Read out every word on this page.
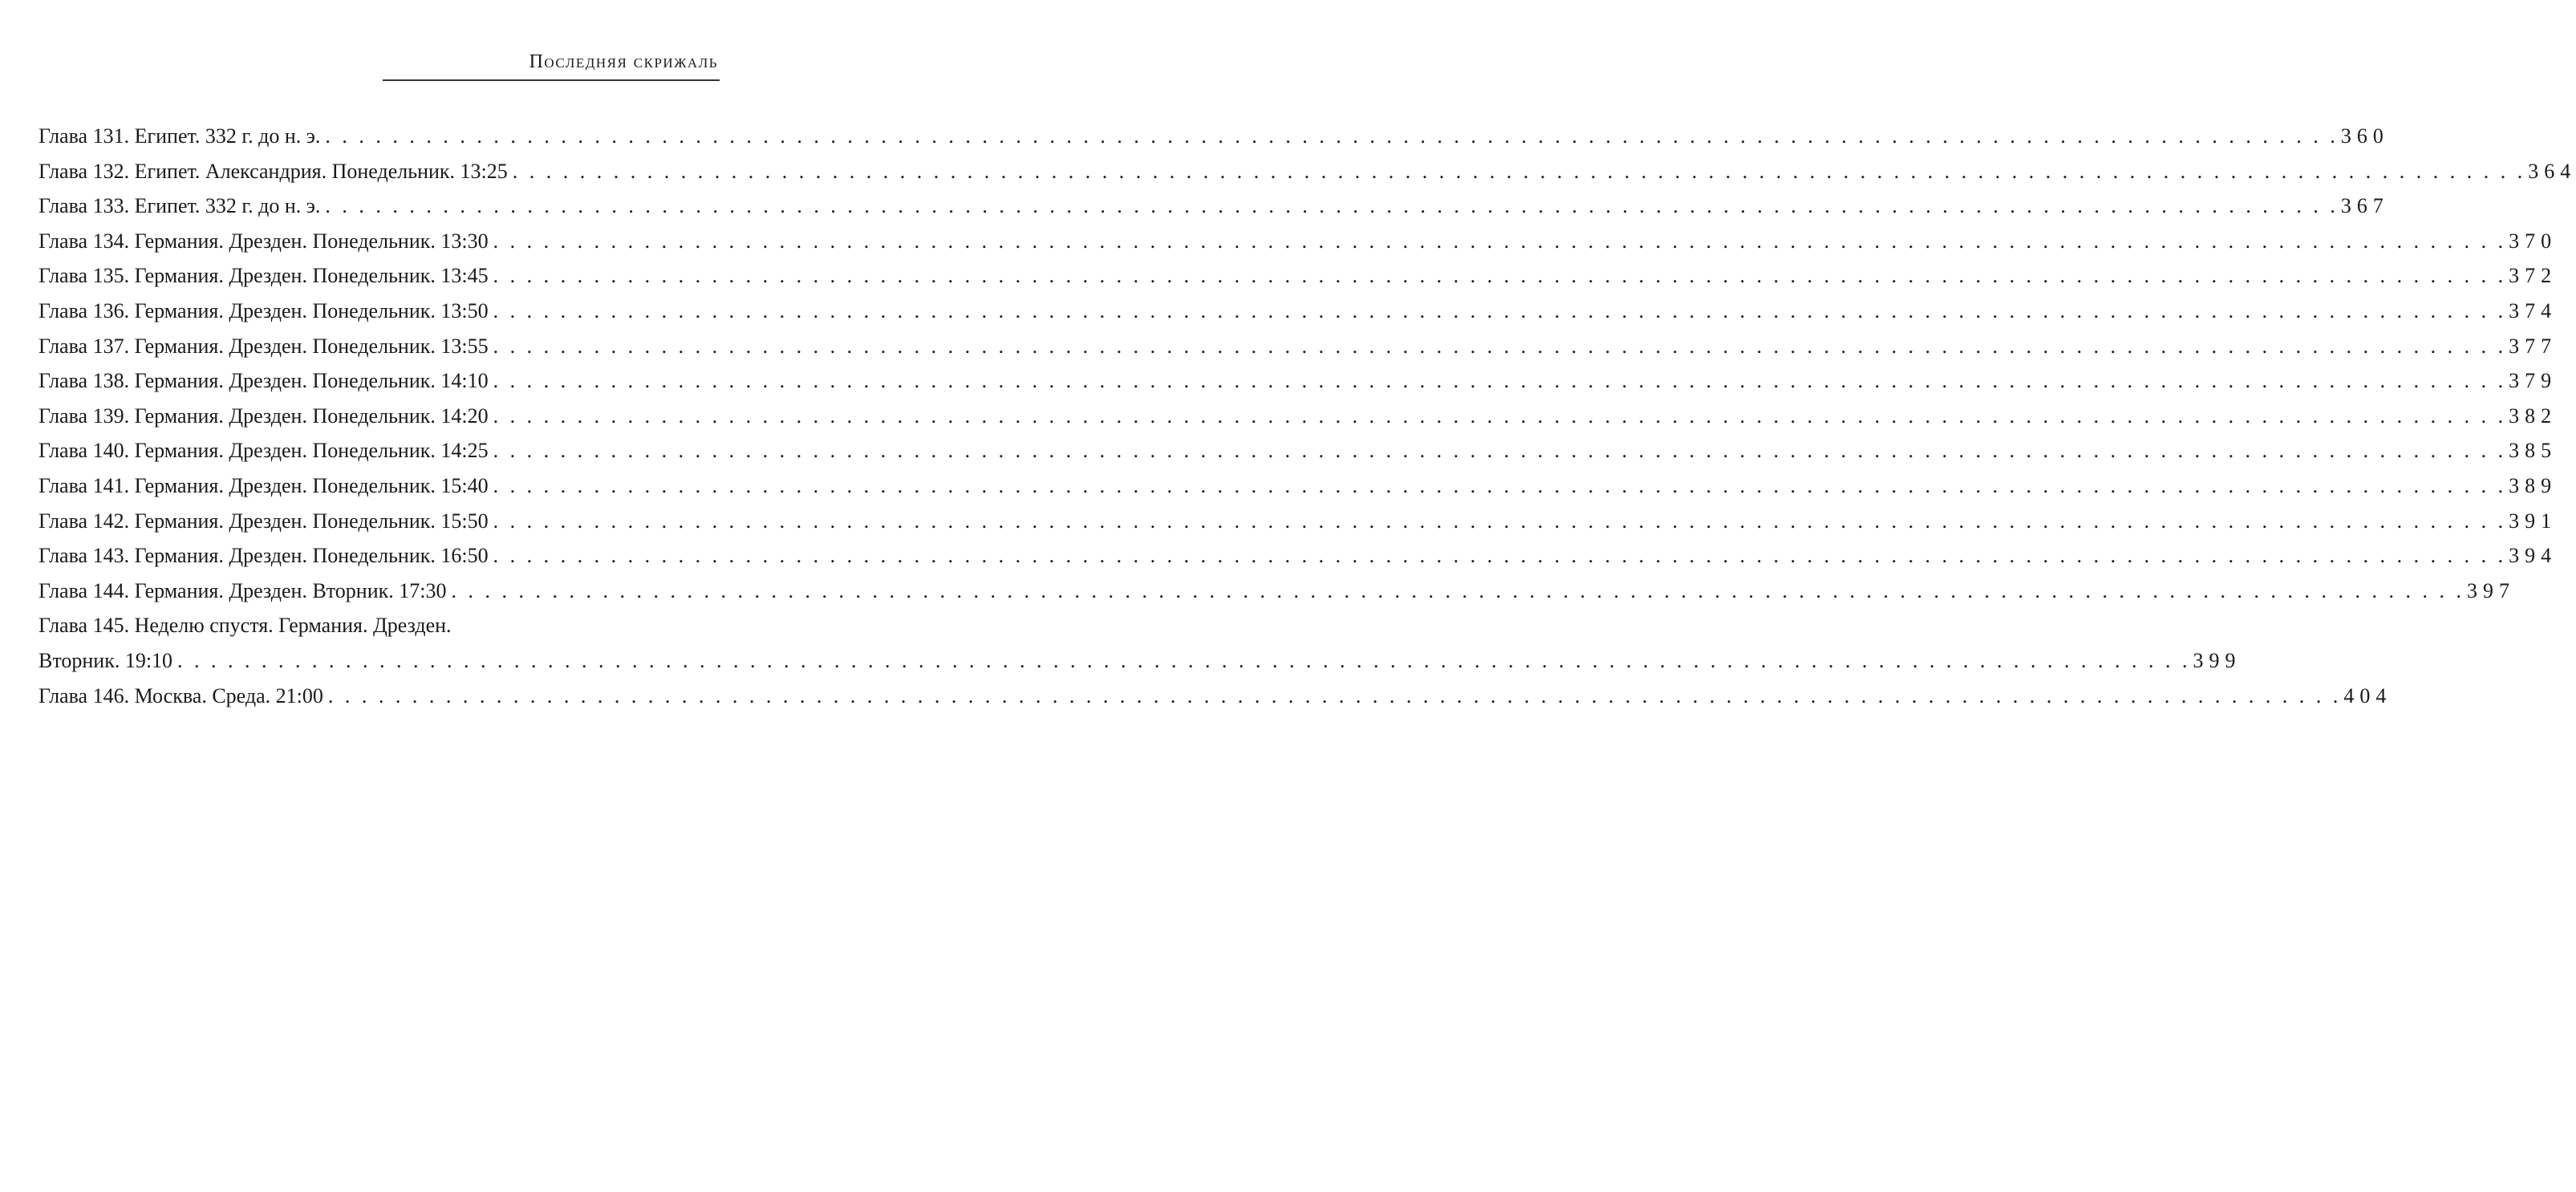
Последняя скрижаль
Глава 131. Египет. 332 г. до н. э. . . . . . . . . . . . . . . . . . . . . . . . . . . . . . . . . . . . . . . . . . . . . . . . . . . . . . . . . . . . . . . . . . . . . . . . . . . . . . . . . . . . . . . . . . . . . . . . . . . . . . . . . . . . . . . . . . . . . . . . . 360
Глава 132. Египет. Александрия. Понедельник. 13:25 . . . . . . . . . . . . . . . . . . . . . . . . . . . . . . . . . . . . . . . . . . . . . . . . . . . . . . . . . . . . . . . . . . . . . . . . . . . . . . . . . . . . . . . . . . . . . . . . . . . . . . . . . . . . . . . . . . . . . . . . 364
Глава 133. Египет. 332 г. до н. э. . . . . . . . . . . . . . . . . . . . . . . . . . . . . . . . . . . . . . . . . . . . . . . . . . . . . . . . . . . . . . . . . . . . . . . . . . . . . . . . . . . . . . . . . . . . . . . . . . . . . . . . . . . . . . . . . . . . . . . . . 367
Глава 134. Германия. Дрезден. Понедельник. 13:30 . . . . . . . . . . . . . . . . . . . . . . . . . . . . . . . . . . . . . . . . . . . . . . . . . . . . . . . . . . . . . . . . . . . . . . . . . . . . . . . . . . . . . . . . . . . . . . . . . . . . . . . . . . . . . . . . . . . . . . . . 370
Глава 135. Германия. Дрезден. Понедельник. 13:45 . . . . . . . . . . . . . . . . . . . . . . . . . . . . . . . . . . . . . . . . . . . . . . . . . . . . . . . . . . . . . . . . . . . . . . . . . . . . . . . . . . . . . . . . . . . . . . . . . . . . . . . . . . . . . . . . . . . . . . . . 372
Глава 136. Германия. Дрезден. Понедельник. 13:50 . . . . . . . . . . . . . . . . . . . . . . . . . . . . . . . . . . . . . . . . . . . . . . . . . . . . . . . . . . . . . . . . . . . . . . . . . . . . . . . . . . . . . . . . . . . . . . . . . . . . . . . . . . . . . . . . . . . . . . . . 374
Глава 137. Германия. Дрезден. Понедельник. 13:55 . . . . . . . . . . . . . . . . . . . . . . . . . . . . . . . . . . . . . . . . . . . . . . . . . . . . . . . . . . . . . . . . . . . . . . . . . . . . . . . . . . . . . . . . . . . . . . . . . . . . . . . . . . . . . . . . . . . . . . . . 377
Глава 138. Германия. Дрезден. Понедельник. 14:10 . . . . . . . . . . . . . . . . . . . . . . . . . . . . . . . . . . . . . . . . . . . . . . . . . . . . . . . . . . . . . . . . . . . . . . . . . . . . . . . . . . . . . . . . . . . . . . . . . . . . . . . . . . . . . . . . . . . . . . . . 379
Глава 139. Германия. Дрезден. Понедельник. 14:20 . . . . . . . . . . . . . . . . . . . . . . . . . . . . . . . . . . . . . . . . . . . . . . . . . . . . . . . . . . . . . . . . . . . . . . . . . . . . . . . . . . . . . . . . . . . . . . . . . . . . . . . . . . . . . . . . . . . . . . . . 382
Глава 140. Германия. Дрезден. Понедельник. 14:25 . . . . . . . . . . . . . . . . . . . . . . . . . . . . . . . . . . . . . . . . . . . . . . . . . . . . . . . . . . . . . . . . . . . . . . . . . . . . . . . . . . . . . . . . . . . . . . . . . . . . . . . . . . . . . . . . . . . . . . . . 385
Глава 141. Германия. Дрезден. Понедельник. 15:40 . . . . . . . . . . . . . . . . . . . . . . . . . . . . . . . . . . . . . . . . . . . . . . . . . . . . . . . . . . . . . . . . . . . . . . . . . . . . . . . . . . . . . . . . . . . . . . . . . . . . . . . . . . . . . . . . . . . . . . . . 389
Глава 142. Германия. Дрезден. Понедельник. 15:50 . . . . . . . . . . . . . . . . . . . . . . . . . . . . . . . . . . . . . . . . . . . . . . . . . . . . . . . . . . . . . . . . . . . . . . . . . . . . . . . . . . . . . . . . . . . . . . . . . . . . . . . . . . . . . . . . . . . . . . . . 391
Глава 143. Германия. Дрезден. Понедельник. 16:50 . . . . . . . . . . . . . . . . . . . . . . . . . . . . . . . . . . . . . . . . . . . . . . . . . . . . . . . . . . . . . . . . . . . . . . . . . . . . . . . . . . . . . . . . . . . . . . . . . . . . . . . . . . . . . . . . . . . . . . . . 394
Глава 144. Германия. Дрезден. Вторник. 17:30 . . . . . . . . . . . . . . . . . . . . . . . . . . . . . . . . . . . . . . . . . . . . . . . . . . . . . . . . . . . . . . . . . . . . . . . . . . . . . . . . . . . . . . . . . . . . . . . . . . . . . . . . . . . . . . . . . . . . . . . . 397
Глава 145. Неделю спустя. Германия. Дрезден.
Вторник. 19:10 . . . . . . . . . . . . . . . . . . . . . . . . . . . . . . . . . . . . . . . . . . . . . . . . . . . . . . . . . . . . . . . . . . . . . . . . . . . . . . . . . . . . . . . . . . . . . . . . . . . . . . . . . . . . . . . . . . . . . . . . 399
Глава 146. Москва. Среда. 21:00 . . . . . . . . . . . . . . . . . . . . . . . . . . . . . . . . . . . . . . . . . . . . . . . . . . . . . . . . . . . . . . . . . . . . . . . . . . . . . . . . . . . . . . . . . . . . . . . . . . . . . . . . . . . . . . . . . . . . . . . . 404
